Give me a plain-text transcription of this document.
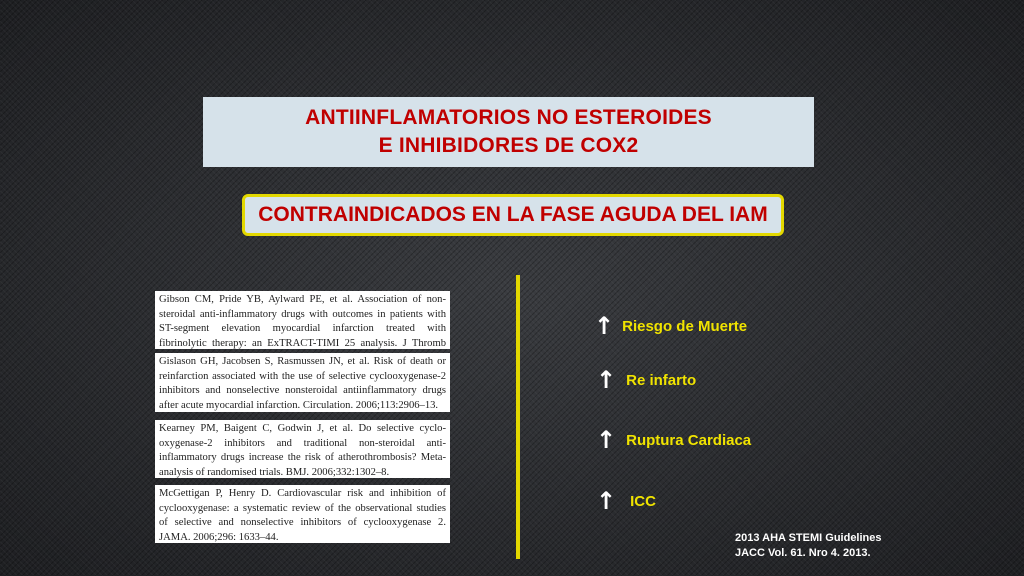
ANTIINFLAMATORIOS NO ESTEROIDES
E INHIBIDORES DE COX2
CONTRAINDICADOS EN LA FASE AGUDA DEL IAM
Gibson CM, Pride YB, Aylward PE, et al. Association of non-steroidal anti-inflammatory drugs with outcomes in patients with ST-segment elevation myocardial infarction treated with fibrinolytic therapy: an ExTRACT-TIMI 25 analysis. J Thromb
Gislason GH, Jacobsen S, Rasmussen JN, et al. Risk of death or reinfarction associated with the use of selective cyclooxygenase-2 inhibitors and nonselective nonsteroidal antiinflammatory drugs after acute myocardial infarction. Circulation. 2006;113:2906–13.
Kearney PM, Baigent C, Godwin J, et al. Do selective cyclo-oxygenase-2 inhibitors and traditional non-steroidal anti-inflammatory drugs increase the risk of atherothrombosis? Meta-analysis of randomised trials. BMJ. 2006;332:1302–8.
McGettigan P, Henry D. Cardiovascular risk and inhibition of cyclooxygenase: a systematic review of the observational studies of selective and nonselective inhibitors of cyclooxygenase 2. JAMA. 2006;296: 1633–44.
↑ Riesgo de Muerte
↑ Re infarto
↑ Ruptura Cardiaca
↑ ICC
2013 AHA STEMI Guidelines
JACC Vol. 61. Nro 4. 2013.
